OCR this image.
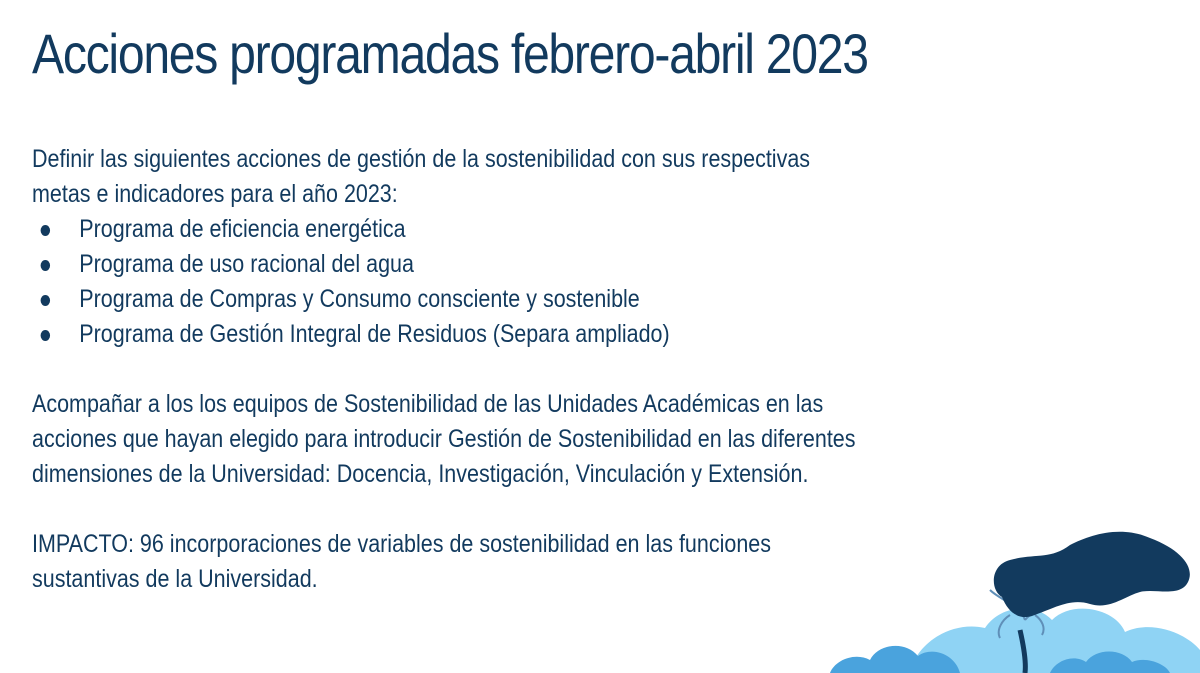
Acciones programadas febrero-abril 2023

Definir las siguientes acciones de gestión de la sostenibilidad con sus respectivas
metas e indicadores para el año 2023:

Programa de eficiencia energética
Programa de uso racional del agua
Programa de Compras y Consumo consciente y sostenible
Programa de Gestión Integral de Residuos (Separa ampliado)

Acompañar a los los equipos de Sostenibilidad de las Unidades Académicas en las
acciones que hayan elegido para introducir Gestión de Sostenibilidad en las diferentes
dimensiones de la Universidad: Docencia, Investigación, Vinculación y Extensión.

IMPACTO: 96 incorporaciones de variables de sostenibilidad en las funciones
sustantivas de la Universidad.
